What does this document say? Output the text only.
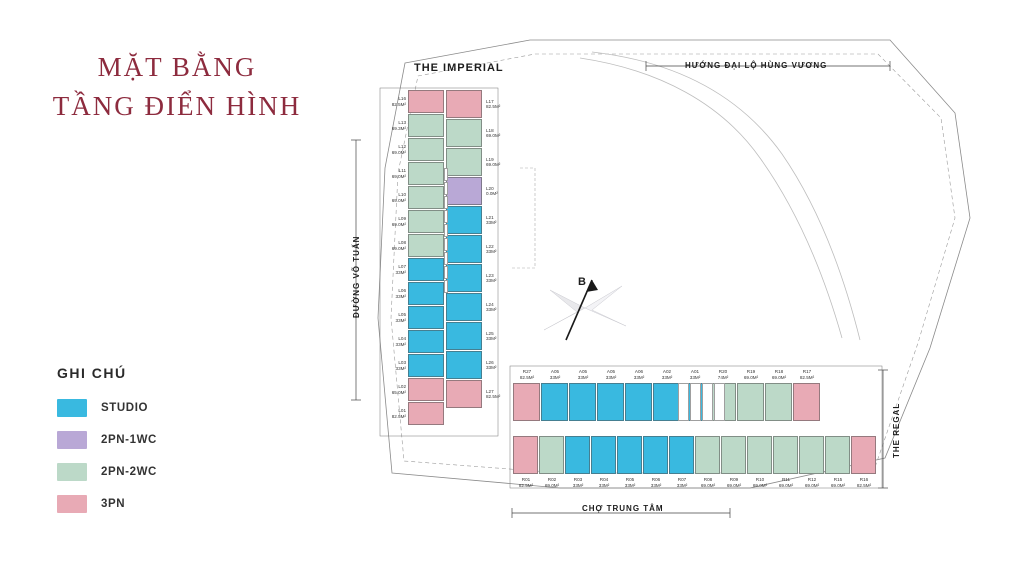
MẶT BẰNG
TẦNG ĐIỂN HÌNH
GHI CHÚ
STUDIO
2PN-1WC
2PN-2WC
3PN
THE IMPERIAL	HƯỚNG ĐẠI LỘ HÙNG VƯƠNG
ĐƯỜNG VÕ TUẤN
CHỢ TRUNG TÂM
THE REGAL
B
L16
82.5M²
L13
69.3M²
L12
69.0M²
L11
69.0M²
L10
69.0M²
L09
69.0M²
L08
69.0M²
L07
33M²
L06
33M²
L05
33M²
L04
33M²
L03
33M²
L02
65.0M²
L01
82.5M²
L17
82.5M²
L18
69.0M²
L19
69.0M²
L20
0.0M²
L21
33M²
L22
33M²
L23
33M²
L24
33M²
L25
33M²
L26
33M²
L27
82.5M²
R27
82.5M²
A05
33M²
A05
33M²
A05
33M²
A06
33M²
A02
33M²
A01
33M²
R20
74M²
R19
69.0M²
R18
69.0M²
R17
82.5M²
R01
82.5M²
R02
69.0M²
R03
33M²
R04
33M²
R05
33M²
R06
33M²
R07
33M²
R08
69.0M²
R09
69.0M²
R10
69.0M²
R11
69.0M²
R12
69.0M²
R15
69.0M²
R16
82.5M²
